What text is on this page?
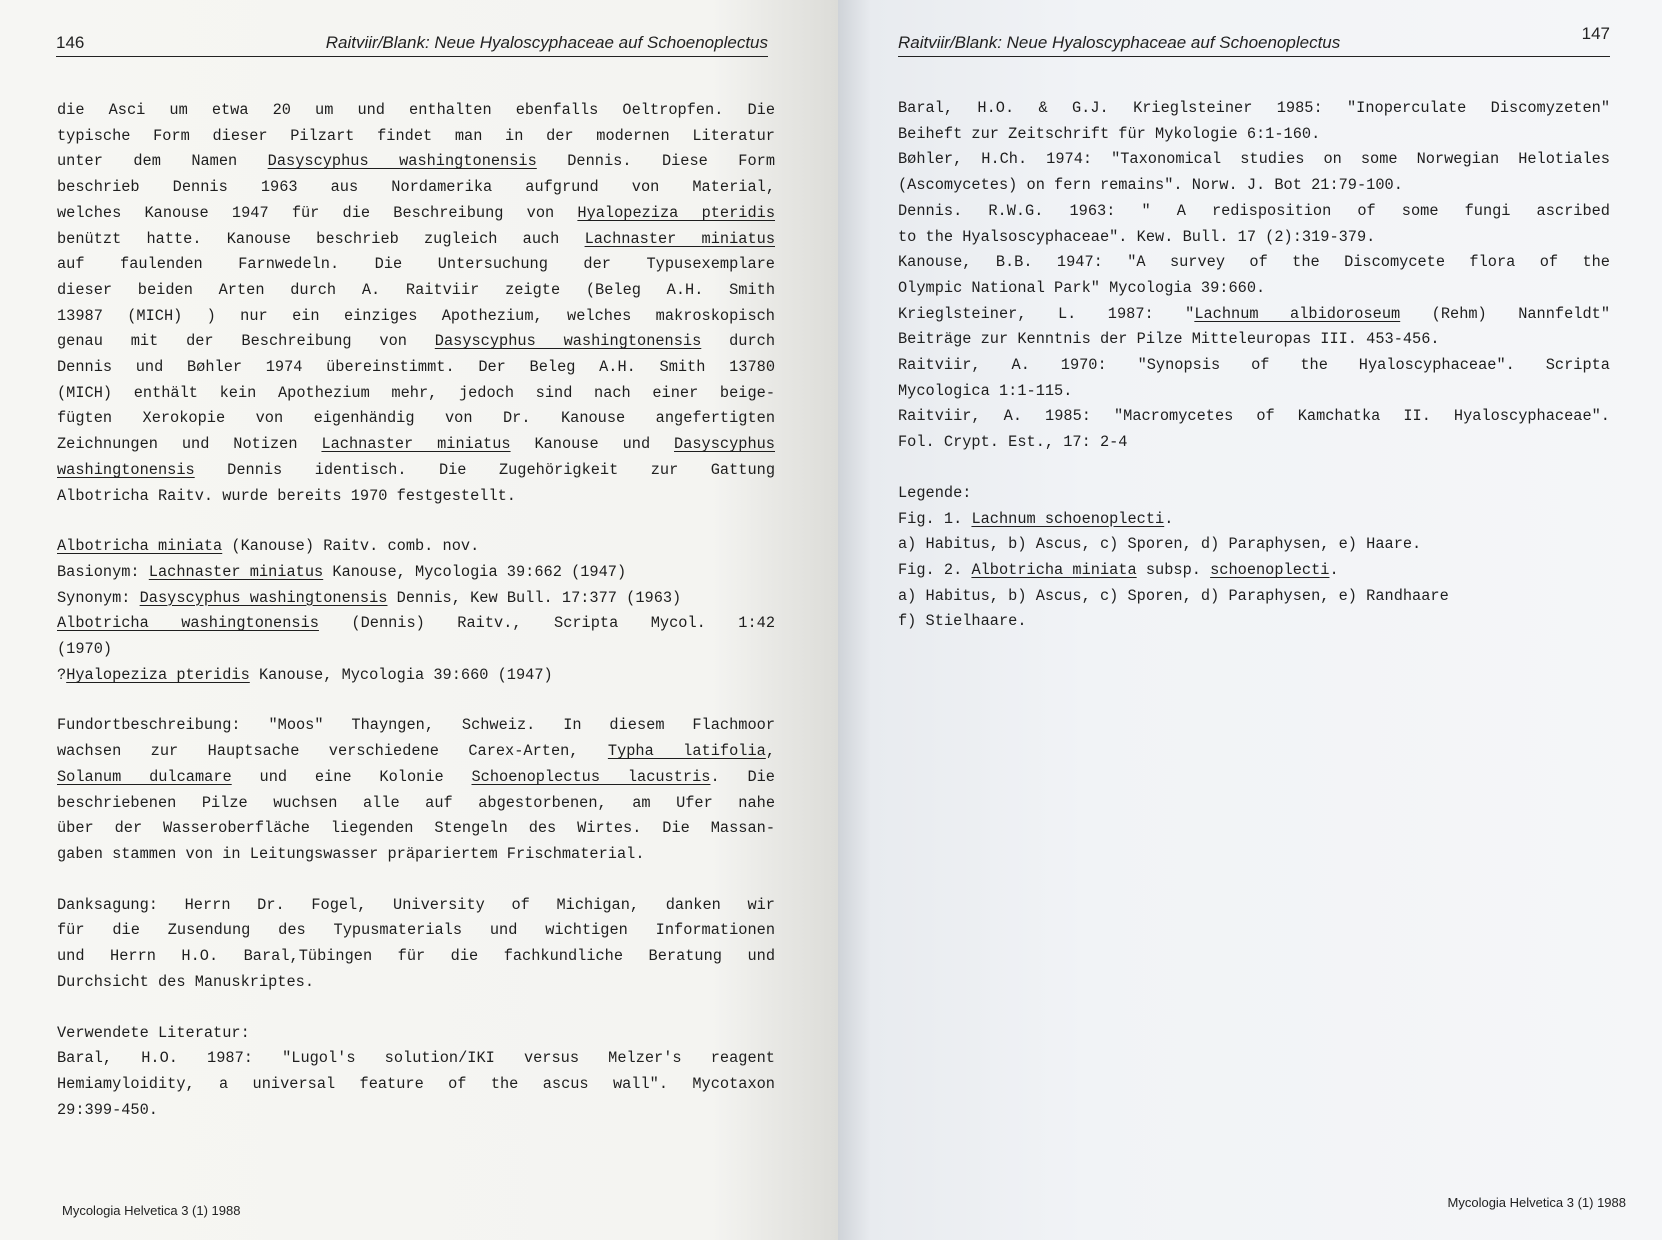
146	Raitviir/Blank: Neue Hyaloscyphaceae auf Schoenoplectus
die Asci um etwa 20 um und enthalten ebenfalls Oeltropfen. Die
typische Form dieser Pilzart findet man in der modernen Literatur
unter dem Namen Dasyscyphus washingtonensis Dennis. Diese Form
beschrieb Dennis 1963 aus Nordamerika aufgrund von Material,
welches Kanouse 1947 für die Beschreibung von Hyalopeziza pteridis
benützt hatte. Kanouse beschrieb zugleich auch Lachnaster miniatus
auf faulenden Farnwedeln. Die Untersuchung der Typusexemplare
dieser beiden Arten durch A. Raitviir zeigte (Beleg A.H. Smith
13987 (MICH) ) nur ein einziges Apothezium, welches makroskopisch
genau mit der Beschreibung von Dasyscyphus washingtonensis durch
Dennis und Bøhler 1974 übereinstimmt. Der Beleg A.H. Smith 13780
(MICH) enthält kein Apothezium mehr, jedoch sind nach einer beige-
fügten Xerokopie von eigenhändig von Dr. Kanouse angefertigten
Zeichnungen und Notizen Lachnaster miniatus Kanouse und Dasyscyphus
washingtonensis Dennis identisch. Die Zugehörigkeit zur Gattung
Albotricha Raitv. wurde bereits 1970 festgestellt.
Albotricha miniata (Kanouse) Raitv. comb. nov.
Basionym: Lachnaster miniatus Kanouse, Mycologia 39:662 (1947)
Synonym: Dasyscyphus washingtonensis Dennis, Kew Bull. 17:377 (1963)
Albotricha washingtonensis (Dennis) Raitv., Scripta Mycol. 1:42
(1970)
?Hyalopeziza pteridis Kanouse, Mycologia 39:660 (1947)
Fundortbeschreibung: "Moos" Thayngen, Schweiz. In diesem Flachmoor
wachsen zur Hauptsache verschiedene Carex-Arten, Typha latifolia,
Solanum dulcamare und eine Kolonie Schoenoplectus lacustris. Die
beschriebenen Pilze wuchsen alle auf abgestorbenen, am Ufer nahe
über der Wasseroberfläche liegenden Stengeln des Wirtes. Die Massan-
gaben stammen von in Leitungswasser präpariertem Frischmaterial.
Danksagung: Herrn Dr. Fogel, University of Michigan, danken wir
für die Zusendung des Typusmaterials und wichtigen Informationen
und Herrn H.O. Baral,Tübingen für die fachkundliche Beratung und
Durchsicht des Manuskriptes.
Verwendete Literatur:
Baral, H.O. 1987: "Lugol's solution/IKI versus Melzer's reagent
Hemiamyloidity, a universal feature of the ascus wall". Mycotaxon
29:399-450.
Mycologia Helvetica 3 (1) 1988
Raitviir/Blank: Neue Hyaloscyphaceae auf Schoenoplectus	147
Baral, H.O. & G.J. Krieglsteiner 1985: "Inoperculate Discomyzeten"
Beiheft zur Zeitschrift für Mykologie 6:1-160.
Bøhler, H.Ch. 1974: "Taxonomical studies on some Norwegian Helotiales
(Ascomycetes) on fern remains". Norw. J. Bot 21:79-100.
Dennis. R.W.G. 1963: " A redisposition of some fungi ascribed
to the Hyalsoscyphaceae". Kew. Bull. 17 (2):319-379.
Kanouse, B.B. 1947: "A survey of the Discomycete flora of the
Olympic National Park" Mycologia 39:660.
Krieglsteiner, L. 1987: "Lachnum albidoroseum (Rehm) Nannfeldt"
Beiträge zur Kenntnis der Pilze Mitteleuropas III. 453-456.
Raitviir, A. 1970: "Synopsis of the Hyaloscyphaceae". Scripta
Mycologica 1:1-115.
Raitviir, A. 1985: "Macromycetes of Kamchatka II. Hyaloscyphaceae".
Fol. Crypt. Est., 17: 2-4
Legende:
Fig. 1. Lachnum schoenoplecti.
a) Habitus, b) Ascus, c) Sporen, d) Paraphysen, e) Haare.
Fig. 2. Albotricha miniata subsp. schoenoplecti.
a) Habitus, b) Ascus, c) Sporen, d) Paraphysen, e) Randhaare
f) Stielhaare.
Mycologia Helvetica 3 (1) 1988
